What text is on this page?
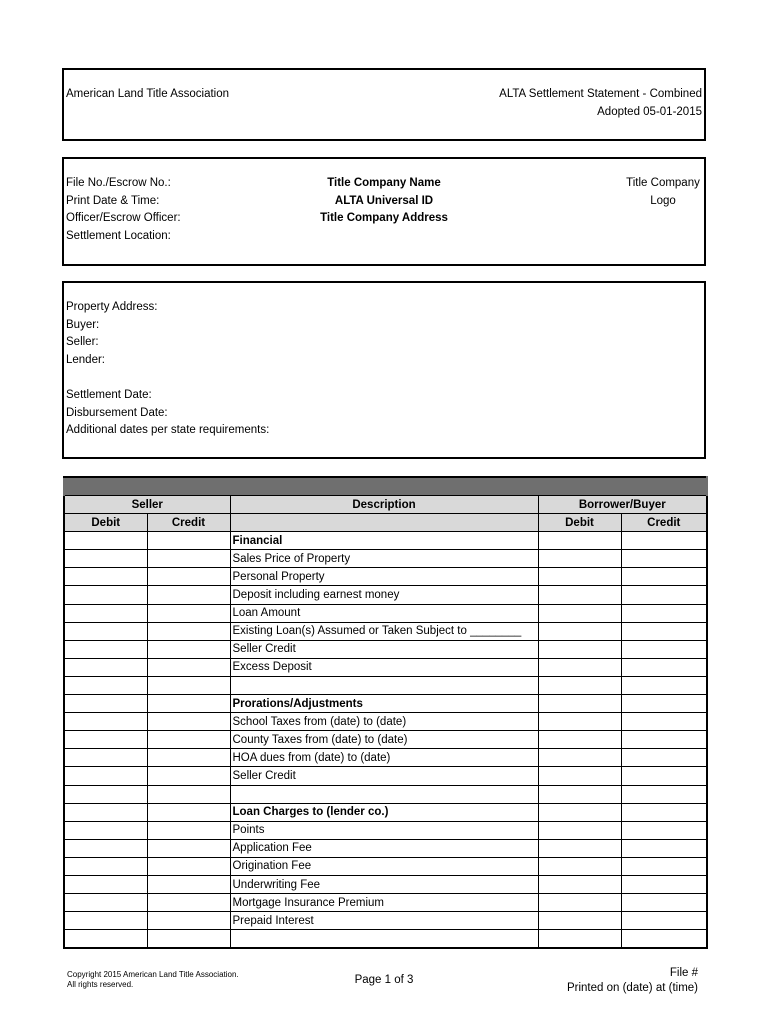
American Land Title Association	ALTA Settlement Statement - Combined
Adopted 05-01-2015
File No./Escrow No.:
Print Date & Time:
Officer/Escrow Officer:
Settlement Location:
Title Company Name
ALTA Universal ID
Title Company Address
Title Company
Logo
Property Address:
Buyer:
Seller:
Lender:
Settlement Date:
Disbursement Date:
Additional dates per state requirements:

Seller		Description	Borrower/Buyer	
Debit	Credit		Debit	Credit
		Financial		
		Sales Price of Property		
		Personal Property		
		Deposit including earnest money		
		Loan Amount		
		Existing Loan(s) Assumed or Taken Subject to ________		
		Seller Credit		
		Excess Deposit		

		Prorations/Adjustments		
		School Taxes from (date) to (date)		
		County Taxes from (date) to (date)		
		HOA dues from (date) to (date)		
		Seller Credit		

		Loan Charges to (lender co.)		
		Points		
		Application Fee		
		Origination Fee		
		Underwriting Fee		
		Mortgage Insurance Premium		
		Prepaid Interest		

Copyright 2015 American Land Title Association.
All rights reserved.	Page 1 of 3
File #
Printed on (date) at (time)
